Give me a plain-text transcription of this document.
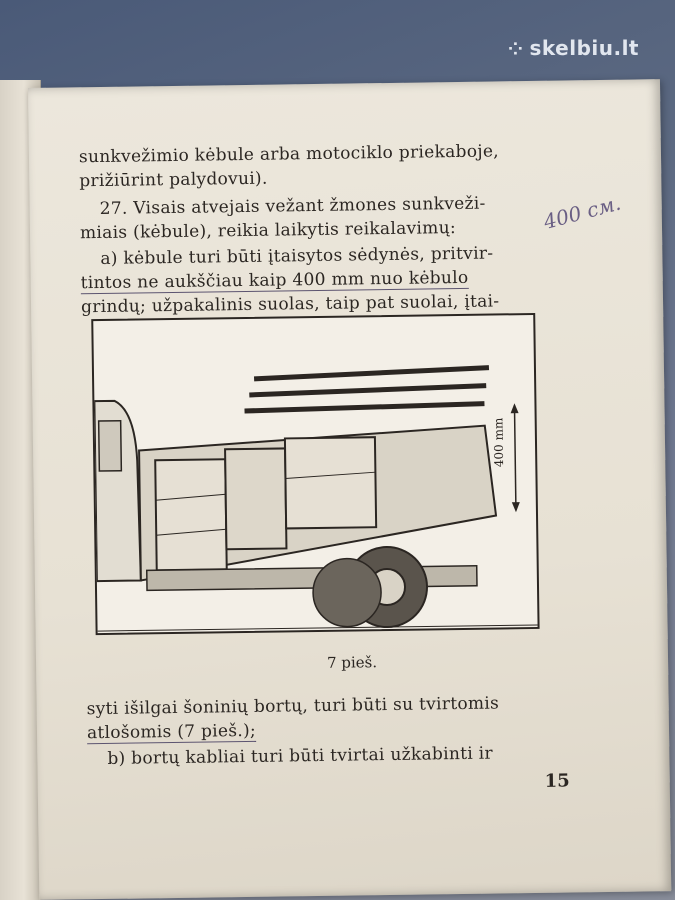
⁘ skelbiu.lt
sunkvežimio kėbule arba motociklo priekaboje,
prižiūrint palydovui).
27. Visais atvejais vežant žmones sunkveži-
miais (kėbule), reikia laikytis reikalavimų:
a) kėbule turi būti įtaisytos sėdynės, pritvir-
tintos ne aukščiau kaip 400 mm nuo kėbulo
grindų; užpakalinis suolas, taip pat suolai, įtai-
400 см.
400 mm
7 pieš.
syti išilgai šoninių bortų, turi būti su tvirtomis
atlošomis (7 pieš.);
b) bortų kabliai turi būti tvirtai užkabinti ir
15
